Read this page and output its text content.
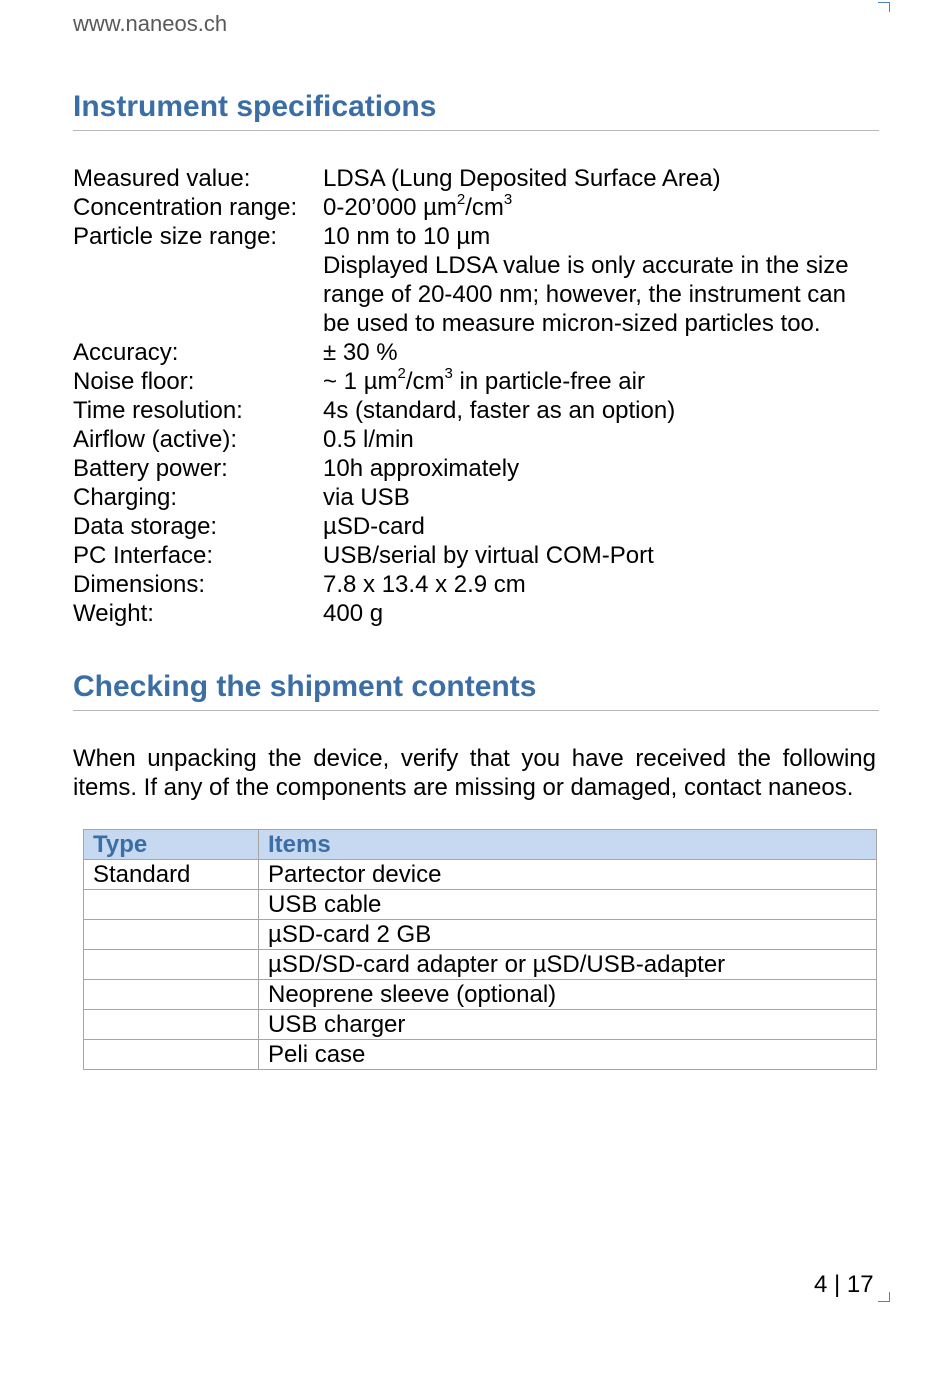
www.naneos.ch
Instrument specifications
Measured value:	LDSA (Lung Deposited Surface Area)
Concentration range:	0-20’000 $\mu m^2/cm^3$
Particle size range:	10 nm to 10 µm
Displayed LDSA value is only accurate in the size
range of 20-400 nm; however, the instrument can
be used to measure micron-sized particles too.
Accuracy:	± 30 %
Noise floor:	~ 1 $\mu m^2/cm^3$ in particle-free air
Time resolution:	4s (standard, faster as an option)
Airflow (active):	0.5 l/min
Battery power:	10h approximately
Charging:	via USB
Data storage:	µSD-card
PC Interface:	USB/serial by virtual COM-Port
Dimensions:	7.8 x 13.4 x 2.9 cm
Weight:	400 g
Checking the shipment contents

When unpacking the device, verify that you have received the following items. If any of the components are missing or damaged, contact naneos.

Type	Items
Standard	Partector device
	USB cable
	µSD-card 2 GB
	µSD/SD-card adapter or µSD/USB-adapter
	Neoprene sleeve (optional)
	USB charger
	Peli case
4 | 17
